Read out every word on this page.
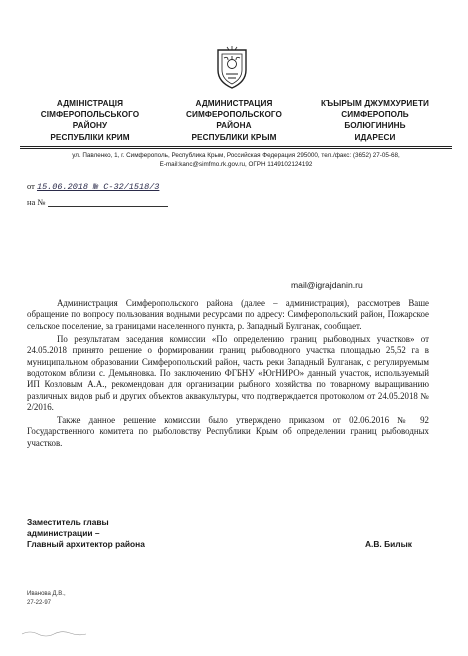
АДМІНІСТРАЦІЯ
СІМФЕРОПОЛЬСЬКОГО
РАЙОНУ
РЕСПУБЛІКИ КРИМ
АДМИНИСТРАЦИЯ
СИМФЕРОПОЛЬСКОГО
РАЙОНА
РЕСПУБЛИКИ КРЫМ
КЪЫРЫМ ДЖУМХУРИЕТИ
СИМФЕРОПОЛЬ
БОЛЮГИНИНЬ
ИДАРЕСИ
ул. Павленко, 1, г. Симферополь, Республика Крым, Российская Федерация 295000, тел./факс: (3652) 27-05-68,
E-mail:kanc@simfmo.rk.gov.ru, ОГРН 1149102124192
от 15.06.2018 № С-32/1518/3
на №
mail@igrajdanin.ru

Администрация Симферопольского района (далее – администрация), рассмотрев Ваше обращение по вопросу пользования водными ресурсами по адресу: Симферопольский район, Пожарское сельское поселение, за границами населенного пункта, р. Западный Булганак, сообщает.

По результатам заседания комиссии «По определению границ рыбоводных участков» от 24.05.2018 принято решение о формировании границ рыбоводного участка площадью 25,52 га в муниципальном образовании Симферопольский район, часть реки Западный Булганак, с регулируемым водотоком вблизи с. Демьяновка. По заключению ФГБНУ «ЮгНИРО» данный участок, используемый ИП Козловым А.А., рекомендован для организации рыбного хозяйства по товарному выращиванию различных видов рыб и других объектов аквакультуры, что подтверждается протоколом от 24.05.2018 № 2/2016.

Также данное решение комиссии было утверждено приказом от 02.06.2016 № 92 Государственного комитета по рыболовству Республики Крым об определении границ рыбоводных участков.

Заместитель главы
администрации –
Главный архитектор района	А.В. Билык
Иванова Д.В.,
27-22-97
